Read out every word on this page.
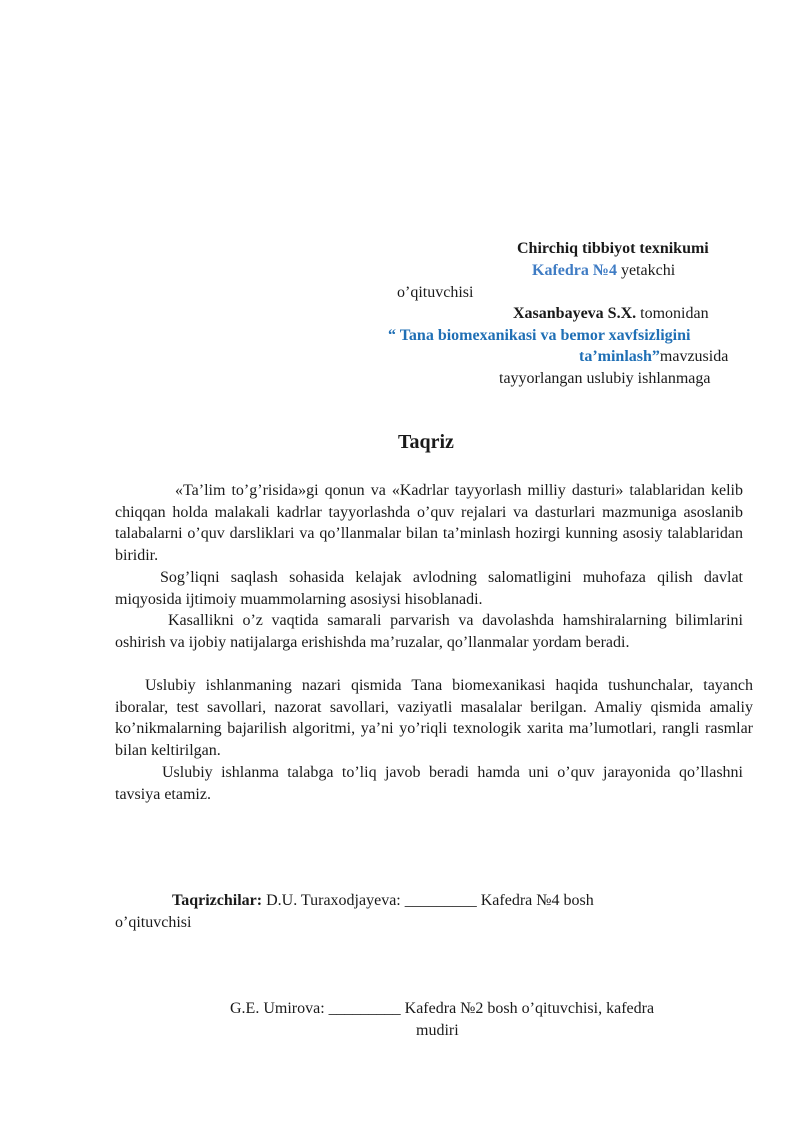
Chirchiq tibbiyot texnikumi
Kafedra №4 yetakchi
o’qituvchisi
Xasanbayeva S.X. tomonidan
“ Tana biomexanikasi va bemor xavfsizligini
ta’minlash”mavzusida
tayyorlangan uslubiy ishlanmaga
Taqriz
«Ta’lim to’g’risida»gi qonun va «Kadrlar tayyorlash milliy dasturi» talablaridan kelib chiqqan holda malakali kadrlar tayyorlashda o’quv rejalari va dasturlari mazmuniga asoslanib talabalarni o’quv darsliklari va qo’llanmalar bilan ta’minlash hozirgi kunning asosiy talablaridan biridir.
Sog’liqni saqlash sohasida kelajak avlodning salomatligini muhofaza qilish davlat miqyosida ijtimoiy muammolarning asosiysi hisoblanadi.
Kasallikni o’z vaqtida samarali parvarish va davolashda hamshiralarning bilimlarini oshirish va ijobiy natijalarga erishishda ma’ruzalar, qo’llanmalar yordam beradi.
Uslubiy ishlanmaning nazari qismida Tana biomexanikasi haqida tushunchalar, tayanch iboralar, test savollari, nazorat savollari, vaziyatli masalalar berilgan. Amaliy qismida amaliy ko’nikmalarning bajarilish algoritmi, ya’ni yo’riqli texnologik xarita ma’lumotlari, rangli rasmlar bilan keltirilgan.
Uslubiy ishlanma talabga to’liq javob beradi hamda uni o’quv jarayonida qo’llashni tavsiya etamiz.
Taqrizchilar: D.U. Turaxodjayeva: _________ Kafedra №4 bosh
o’qituvchisi
G.E. Umirova: _________ Kafedra №2 bosh o’qituvchisi, kafedra
mudiri
